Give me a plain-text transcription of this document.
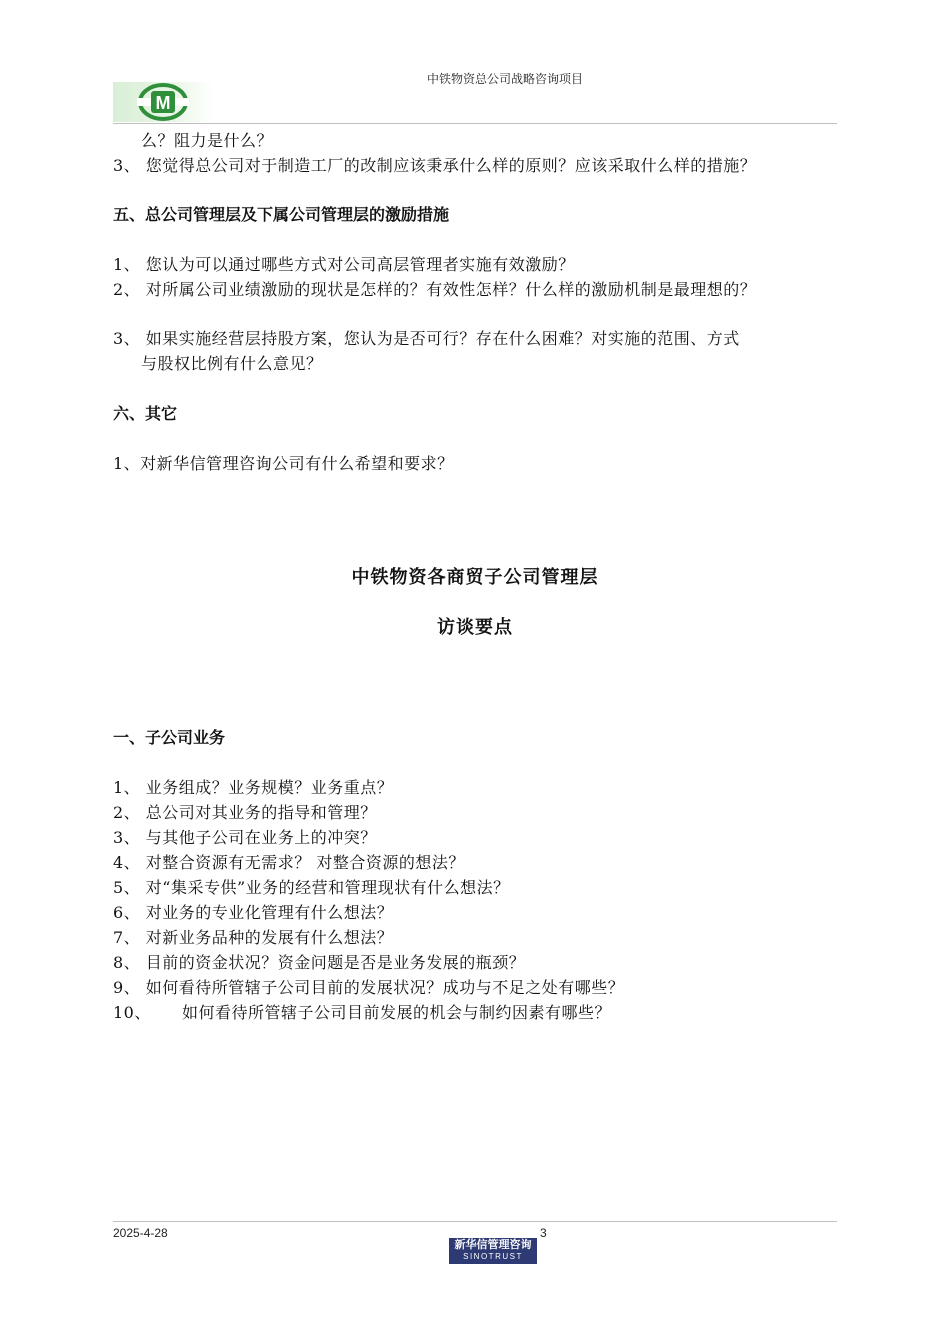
M
中铁物资总公司战略咨询项目
么？阻力是什么？
3、 您觉得总公司对于制造工厂的改制应该秉承什么样的原则？应该采取什么样的措施？
五、总公司管理层及下属公司管理层的激励措施
1、 您认为可以通过哪些方式对公司高层管理者实施有效激励？
2、 对所属公司业绩激励的现状是怎样的？有效性怎样？什么样的激励机制是最理想的？
3、 如果实施经营层持股方案，您认为是否可行？存在什么困难？对实施的范围、方式
与股权比例有什么意见？
六、其它
1、对新华信管理咨询公司有什么希望和要求？
中铁物资各商贸子公司管理层
访谈要点
一、子公司业务
1、 业务组成？业务规模？业务重点？
2、 总公司对其业务的指导和管理？
3、 与其他子公司在业务上的冲突？
4、 对整合资源有无需求？ 对整合资源的想法？
5、 对“集采专供”业务的经营和管理现状有什么想法？
6、 对业务的专业化管理有什么想法？
7、 对新业务品种的发展有什么想法？
8、 目前的资金状况？资金问题是否是业务发展的瓶颈？
9、 如何看待所管辖子公司目前的发展状况？成功与不足之处有哪些？
10、 如何看待所管辖子公司目前发展的机会与制约因素有哪些？
2025-4-28	3
新华信管理咨询
SINOTRUST
